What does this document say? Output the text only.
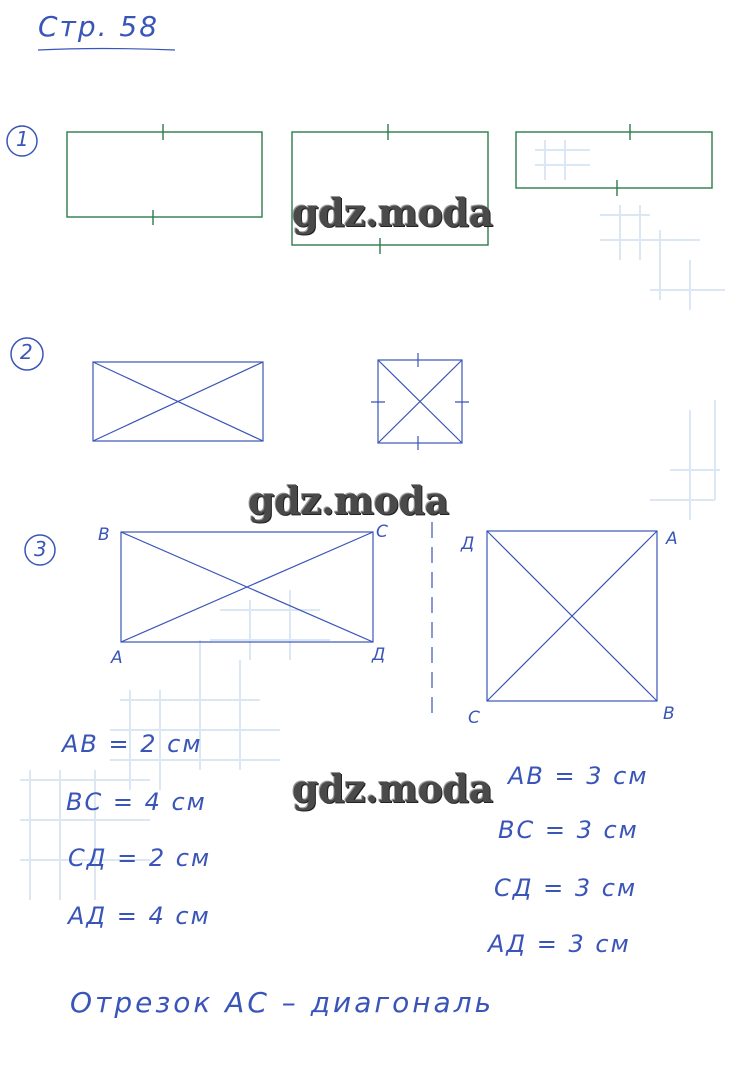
Стр. 58
1
2
3
B	C
A	Д
Д	A
C	B
AB = 2 см
BC = 4 см
CД = 2 см
AД = 4 см
AB = 3 см
BC = 3 см
CД = 3 см
AД = 3 см
Отрезок AC – диагональ
gdz.moda
gdz.moda
gdz.moda
